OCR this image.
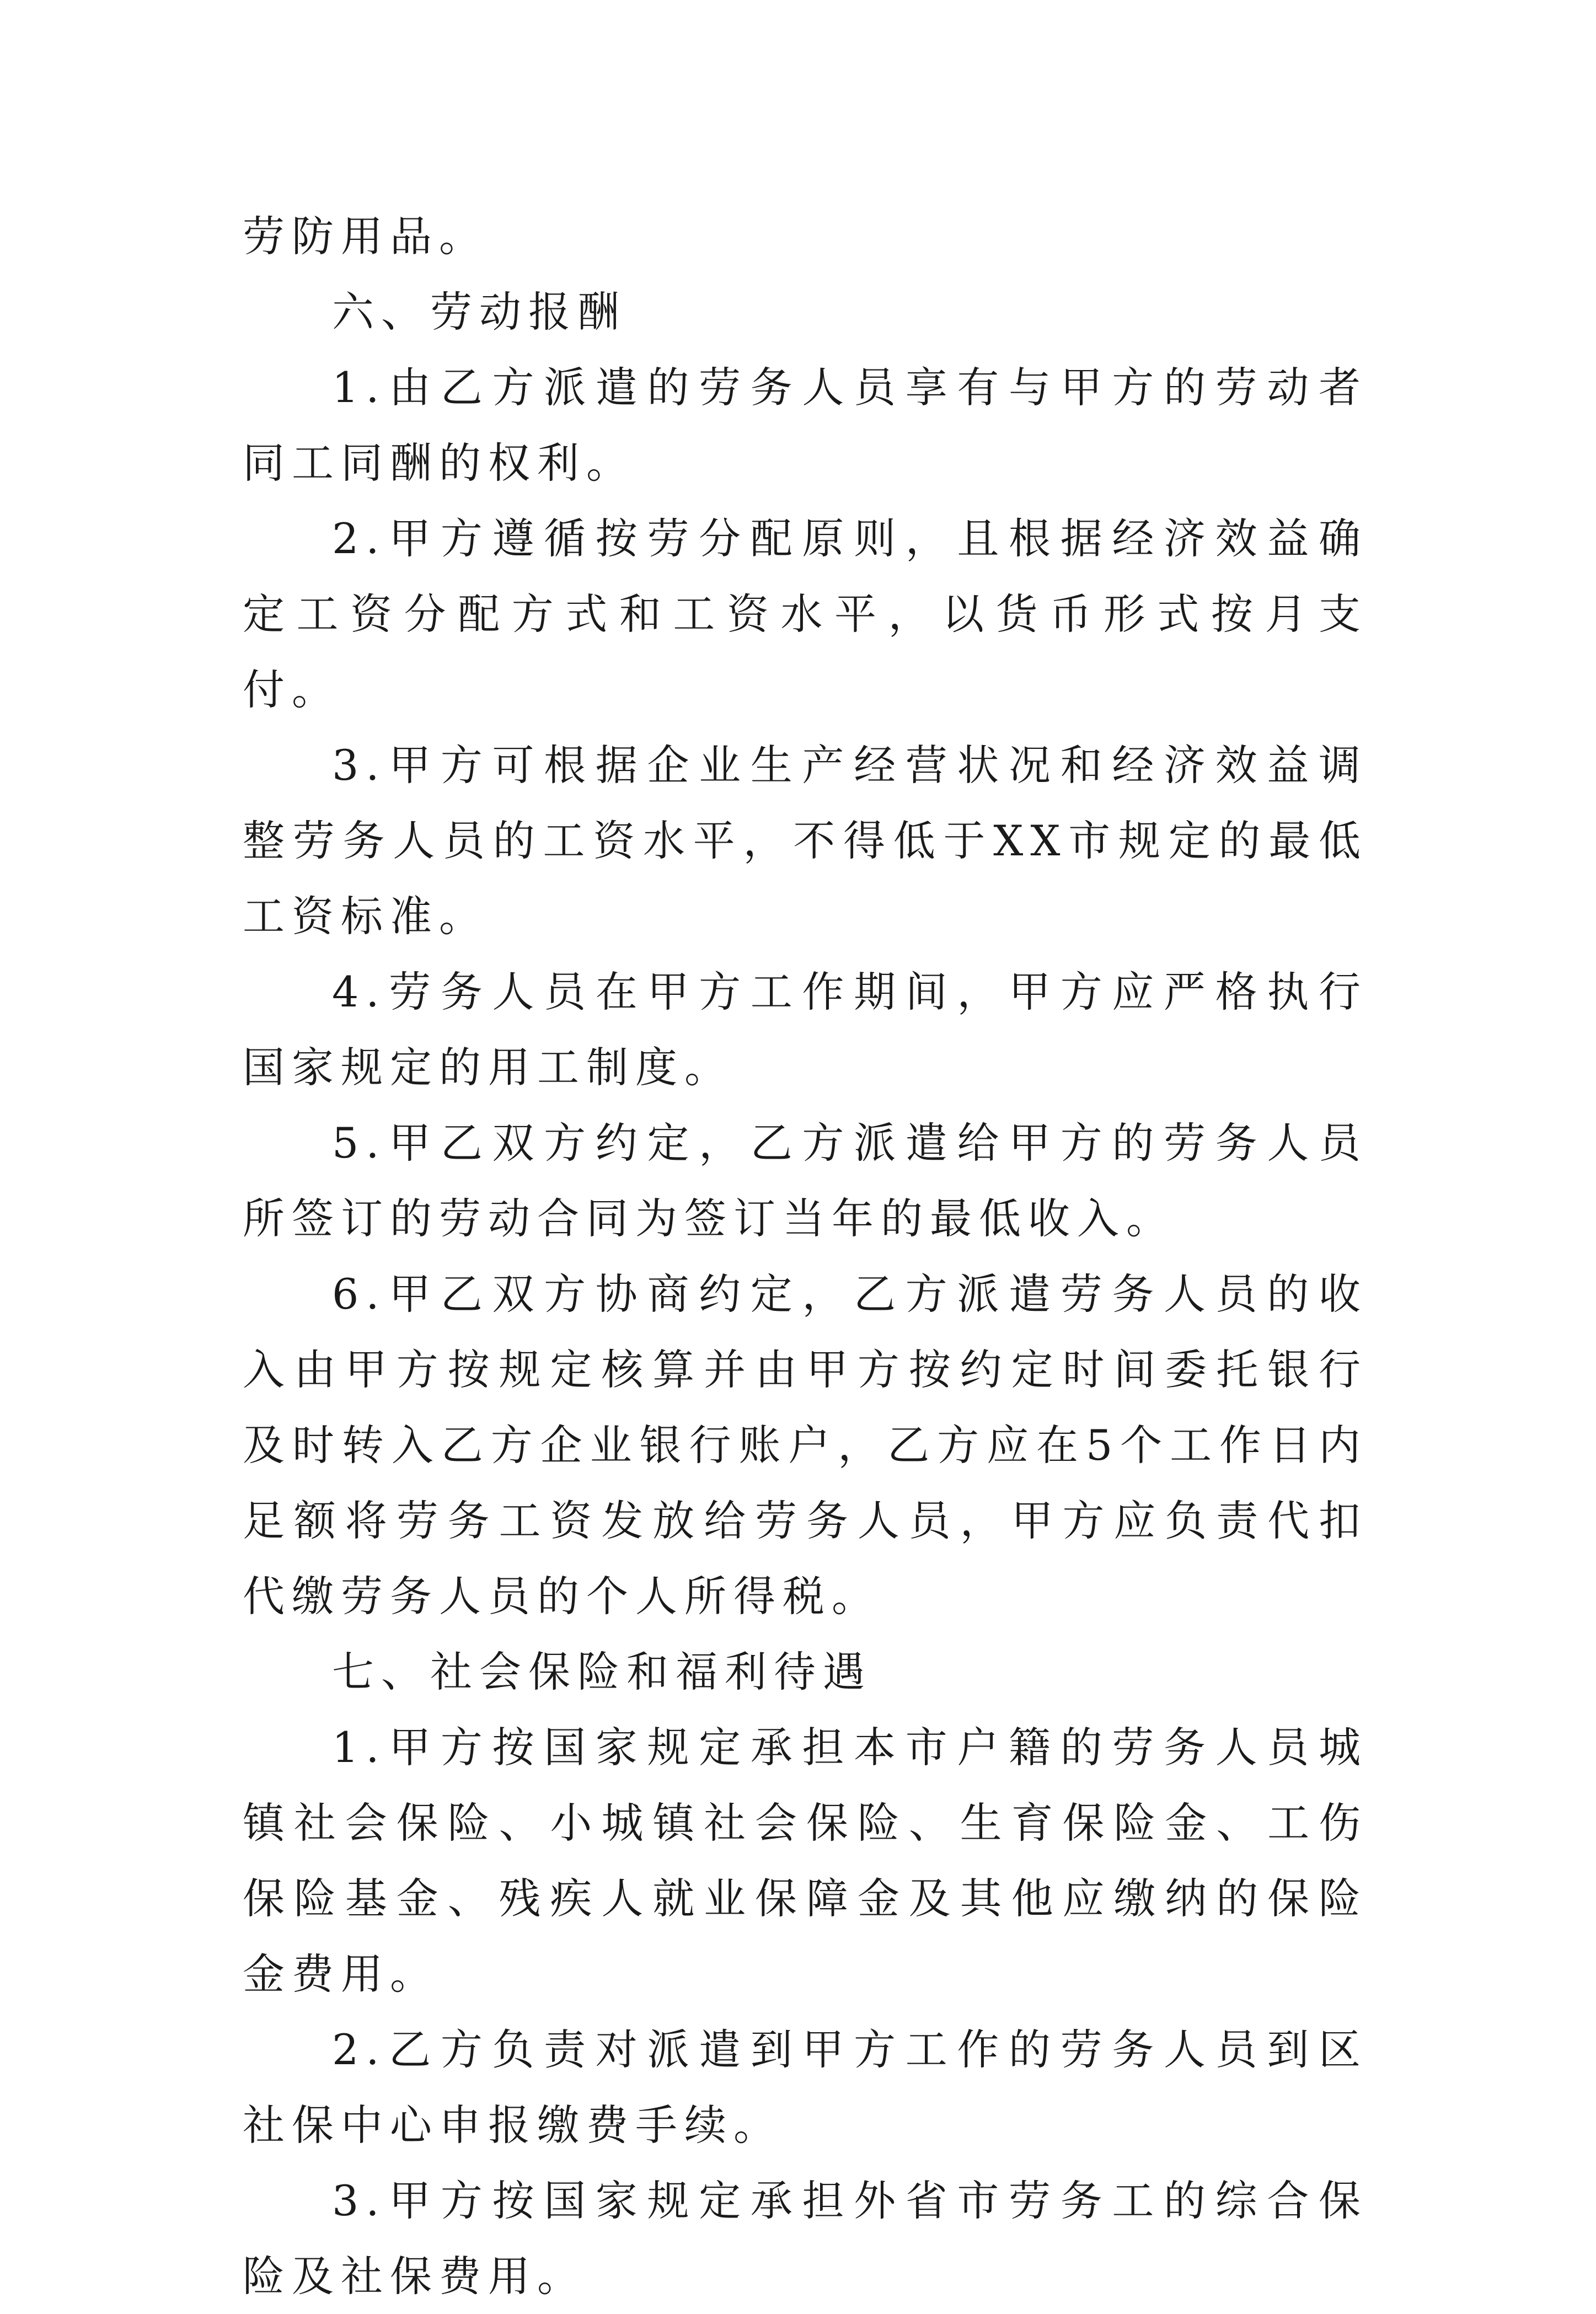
劳防用品。

六、劳动报酬

1.由乙方派遣的劳务人员享有与甲方的劳动者同工同酬的权利。

2.甲方遵循按劳分配原则，且根据经济效益确定工资分配方式和工资水平，以货币形式按月支付。

3.甲方可根据企业生产经营状况和经济效益调整劳务人员的工资水平，不得低于XX市规定的最低工资标准。

4.劳务人员在甲方工作期间，甲方应严格执行国家规定的用工制度。

5.甲乙双方约定，乙方派遣给甲方的劳务人员所签订的劳动合同为签订当年的最低收入。

6.甲乙双方协商约定，乙方派遣劳务人员的收入由甲方按规定核算并由甲方按约定时间委托银行及时转入乙方企业银行账户，乙方应在5个工作日内足额将劳务工资发放给劳务人员，甲方应负责代扣代缴劳务人员的个人所得税。

七、社会保险和福利待遇

1.甲方按国家规定承担本市户籍的劳务人员城镇社会保险、小城镇社会保险、生育保险金、工伤保险基金、残疾人就业保障金及其他应缴纳的保险金费用。

2.乙方负责对派遣到甲方工作的劳务人员到区社保中心申报缴费手续。

3.甲方按国家规定承担外省市劳务工的综合保险及社保费用。
